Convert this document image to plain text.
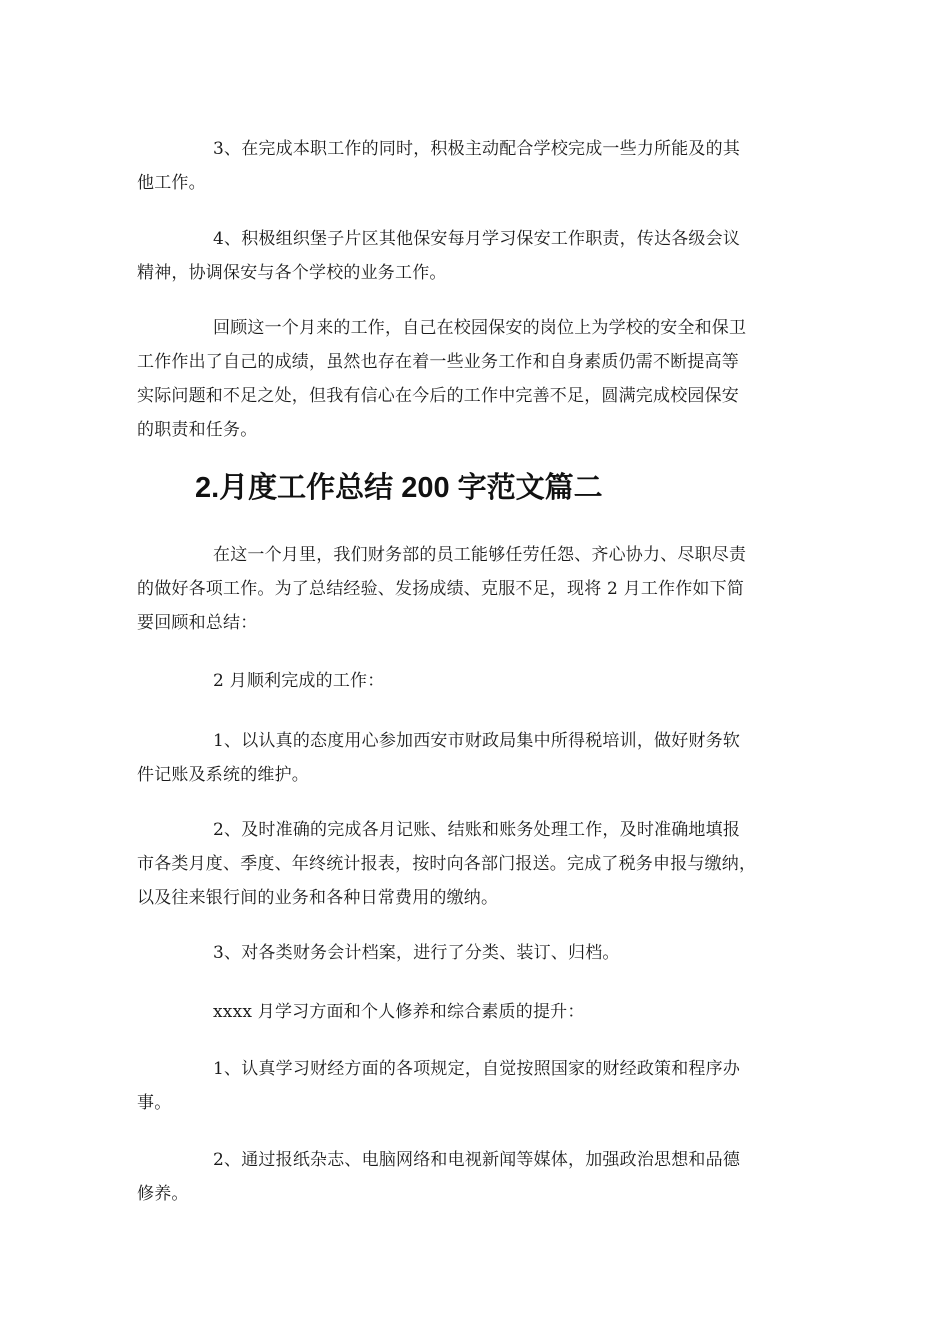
3、在完成本职工作的同时，积极主动配合学校完成一些力所能及的其
他工作。

4、积极组织堡子片区其他保安每月学习保安工作职责，传达各级会议
精神，协调保安与各个学校的业务工作。

回顾这一个月来的工作，自己在校园保安的岗位上为学校的安全和保卫
工作作出了自己的成绩，虽然也存在着一些业务工作和自身素质仍需不断提高等
实际问题和不足之处，但我有信心在今后的工作中完善不足，圆满完成校园保安
的职责和任务。

2.月度工作总结 200 字范文篇二

在这一个月里，我们财务部的员工能够任劳任怨、齐心协力、尽职尽责
的做好各项工作。为了总结经验、发扬成绩、克服不足，现将 2 月工作作如下简
要回顾和总结：

2 月顺利完成的工作：

1、以认真的态度用心参加西安市财政局集中所得税培训，做好财务软
件记账及系统的维护。

2、及时准确的完成各月记账、结账和账务处理工作，及时准确地填报
市各类月度、季度、年终统计报表，按时向各部门报送。完成了税务申报与缴纳，
以及往来银行间的业务和各种日常费用的缴纳。

3、对各类财务会计档案，进行了分类、装订、归档。

xxxx 月学习方面和个人修养和综合素质的提升：

1、认真学习财经方面的各项规定，自觉按照国家的财经政策和程序办
事。

2、通过报纸杂志、电脑网络和电视新闻等媒体，加强政治思想和品德
修养。
